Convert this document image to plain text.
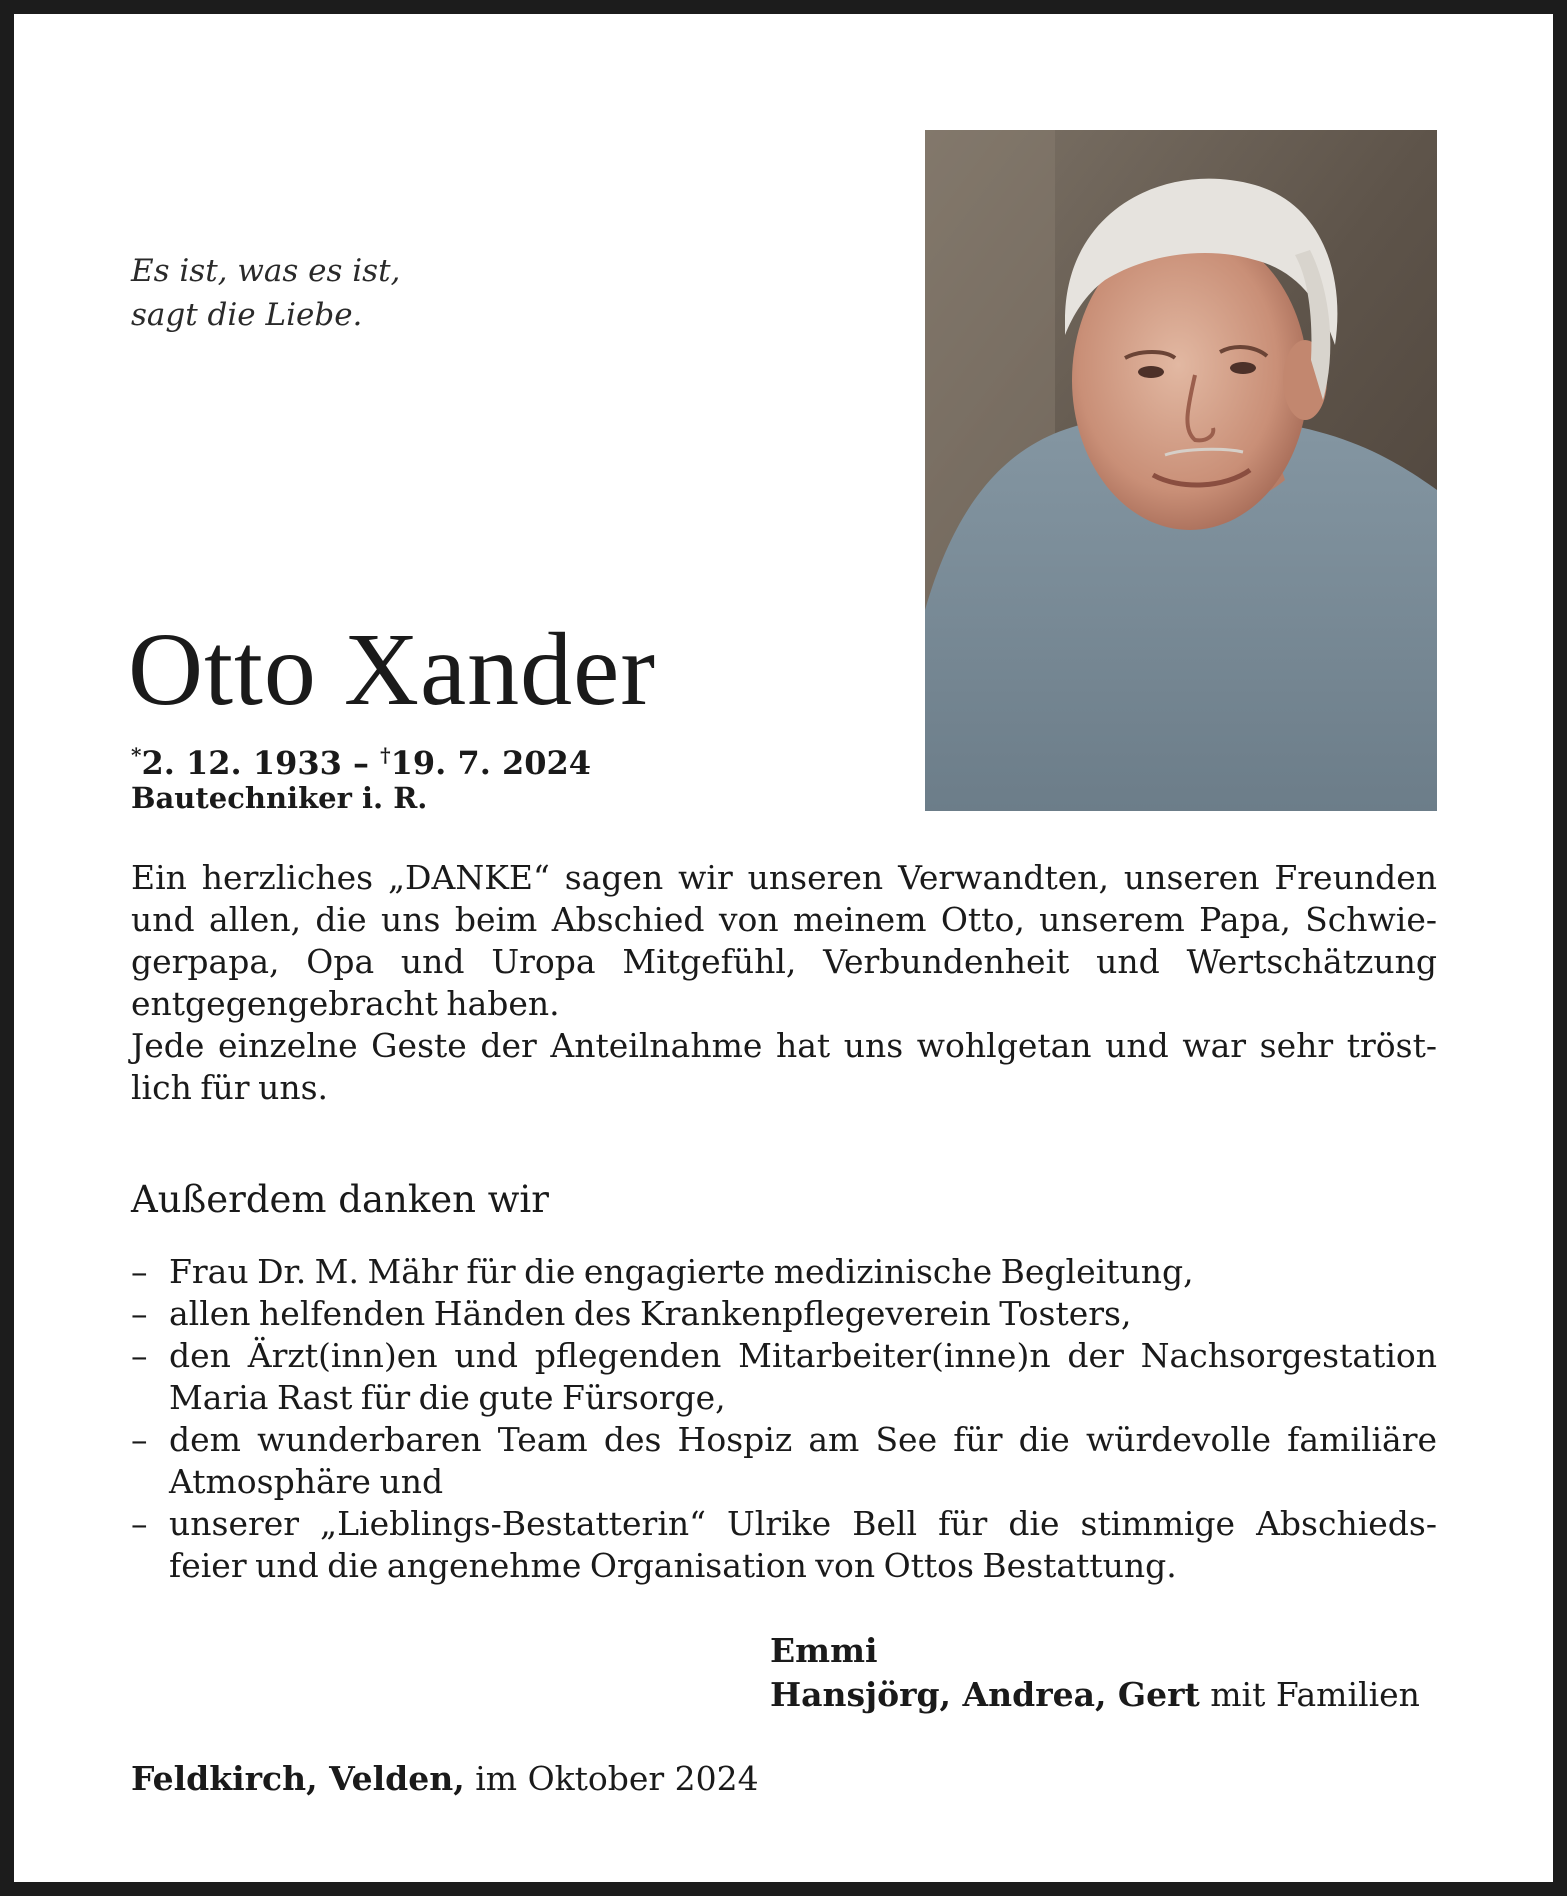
Es ist, was es ist,
sagt die Liebe.
Otto Xander
*2. 12. 1933 – †19. 7. 2024
Bautechniker i. R.
Ein herzliches „DANKE“ sagen wir unseren Verwandten, unseren Freunden
und allen, die uns beim Abschied von meinem Otto, unserem Papa, Schwie-
gerpapa, Opa und Uropa Mitgefühl, Verbundenheit und Wertschätzung
entgegengebracht haben.
Jede einzelne Geste der Anteilnahme hat uns wohlgetan und war sehr tröst-
lich für uns.
Außerdem danken wir
– Frau Dr. M. Mähr für die engagierte medizinische Begleitung,
– allen helfenden Händen des Krankenpflegeverein Tosters,
– den Ärzt(inn)en und pflegenden Mitarbeiter(inne)n der Nachsorgestation
Maria Rast für die gute Fürsorge,
– dem wunderbaren Team des Hospiz am See für die würdevolle familiäre
Atmosphäre und
– unserer „Lieblings-Bestatterin“ Ulrike Bell für die stimmige Abschieds-
feier und die angenehme Organisation von Ottos Bestattung.
Emmi
Hansjörg, Andrea, Gert mit Familien
Feldkirch, Velden, im Oktober 2024
